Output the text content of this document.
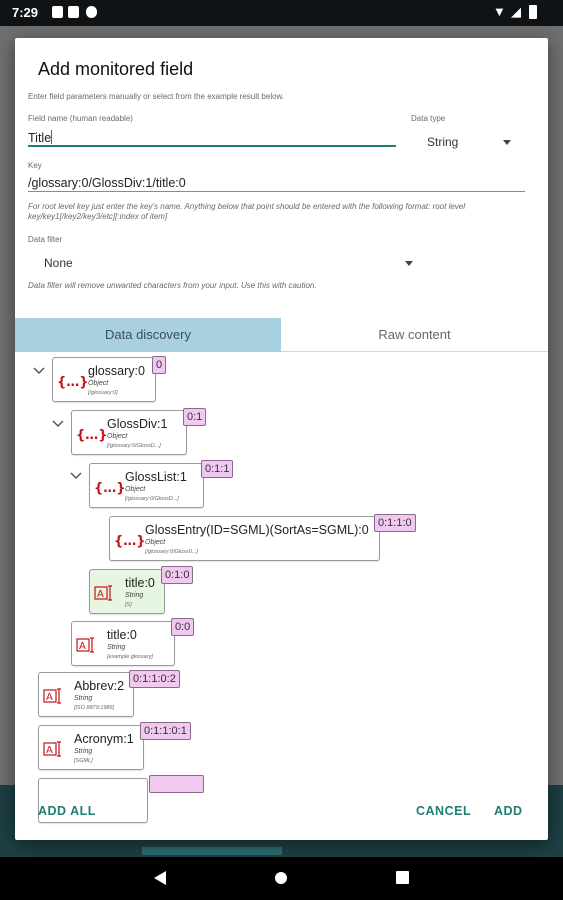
7:29	▼ ◢
Add monitored field
Enter field parameters manually or select from the example result below.
Field name (human readable)
Title
Data type
String
Key
/glossary:0/GlossDiv:1/title:0
For root level key just enter the key's name. Anything below that point should be entered with the following format: root level
key/key1[/key2/key3/etc][:index of item]
Data filter
None
Data filter will remove unwanted characters from your input. Use this with caution.
Data discovery	Raw content
{…}
glossary:0
Object
[/glossary:0]
0
{…}
GlossDiv:1
Object
[/glossary:0/GlossD...]
0:1
{…}
GlossList:1
Object
[/glossary:0/GlossD...]
0:1:1
{…}
GlossEntry(ID=SGML)(SortAs=SGML):0
Object
[/glossary:0/Gloss0...]
0:1:1:0
A
title:0
String
[S]
0:1:0
A
title:0
String
[example glossary]
0:0
A
Abbrev:2
String
[ISO 8879:1986]
0:1:1:0:2
A
Acronym:1
String
[SGML]
0:1:1:0:1
ADD ALL	CANCEL ADD
